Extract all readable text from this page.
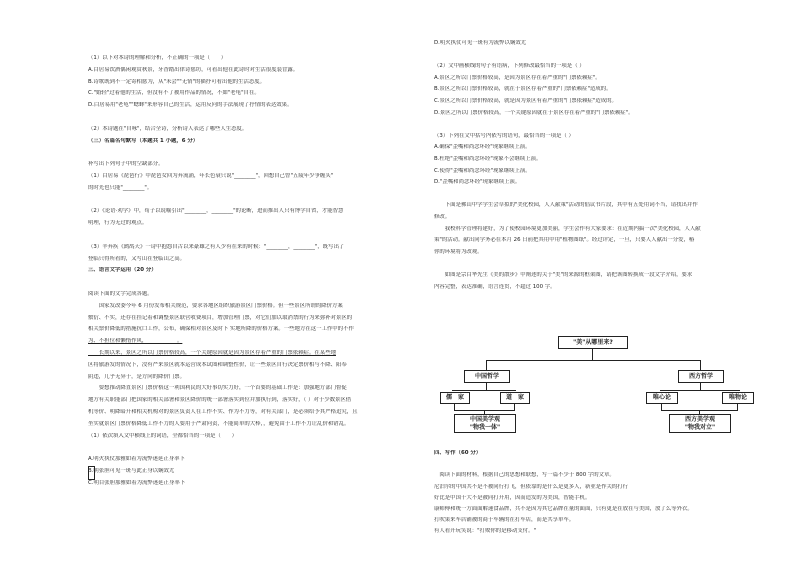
（1）以下对本诗的理解和分析，不正确的一项是（　　）
A.白居易饮酒偶闲观赏秋景，牙香踏出律诗慈坊，可看出他在此诗时对生活很度装冒露。
B.诗歌既到不一定寄相慈为，从"未会""无情"的描抒可看出他的生活态度。
C."婚轻"过着他的生活，但没有不了被用作品的情况，不如"老龟"自在。
D.白居易用"老龟""蟋蟀"来形容自己的生活，运用反问的手法展现了抒情的表达效果。
（2）本诗题在"自咏"，结合全诗，分析诗人表达了哪些人生态度。
（三）名篇名句默写（本题共 1 小题，6 分）
补写出下列句子中的空缺部分。
（1）白居易《琵琶行》中琵琶女回为弃流涌，年长色衰只说"________"，回想自己曾"五陵年少争缠头"
的时光也只能"________"。
（2）《论语·劝学》中，荀子以说喻引出"________，________"的论断，进而推出人只有博学自省，才能智慧
明理，行为无过的观点。
（3）辛弃疾《鹧鸪天》一诗中抱怨自古以来豪雄之有人少有在来的时候："________，________"，既写出了
登临只得所看的，又写山在登临山之高。
三、语言文字运用（20 分）
阅读下面的文字完成各题。
　　国家发改委今年 6 月份发布相关规范，要求各地区组织旅游景区门票价格。但一些景区所谓的降价方案
敷衍、不实，还存在挂记着和调整景区联营收费项目，增加管理门票，对它们加以取消禁的行为来弥补对景区的
相关票价降低的措施抗口工作，公布，确保相对景区及时下 实地所降的价格方案。一些地方在这一工作中的不作
为、不担位和懒惰作风，___________。
　　长期以来，景区之所以门票价格较高，一个关键原因就是因为景区存着严重的门票依赖症。在某些地
区将旅游发的情况下，没有严来景区就本运营成本试图和调整性价，让一些景区自行决定票价相与不降、阳奉
阴违，几乎无异于，是方向的降价门票。
　　要想推动降直景区门票价格这一利国利民的大好事切实力好，一个首要的基础工作是：加强地方部门督促
地方有关职能部门把国家的相关部署和景区降价的统一部署落实到位并加执行到，落实好，（ ）对于少数景区借
机等价、明降暗升和相关机构对的景区负责人在工作不实、作为不力等，对有关部门，是必须给予其严格追究，且
坐实就景区门票价格降低工作不力的人要用于严肃问责，不能简单的大棒，，避免由于工作不力让乱价和错乱。
（1）依次填入文中横线上的词语，全都恰当的一项是（　　）
A.明火执仗那雅如着为流弊迷延正身率下
B.明张胆可见一斑与此正身以娴效尤
C.明目张胆那雅如着为流弊迷延正身率下
D.明火执仗可见一斑有为流弊以娴效尤
（2）文中画横线的句子有语病，下列修改最恰当的一项是（ ）
A.景区之所以门票价格较高，是因为景区存在着严重的"门票依赖症"。
B.景区之所以门票价格较高，就在于景区存着严重的"门票依赖症"造成的。
C.景区之所以门票价格较高，就是因为景区有着严重的"门票依赖症"造成的。
D.景区之所以门票价格较高，一个关键原因就在于景区存在着严重的"门票依赖症"。
（3）下列在文中括号内依写的语句，最恰当的一项是（ ）
A.确保"歪嘴和尚念坏经"现象继续上演。
B.杜绝"歪嘴和尚念坏经"现象不会继续上演。
C.使得"歪嘴和尚念坏经"现象继续上演。
D."歪嘴和尚念坏经"现象继续上演。
　　下面是佛山中学学生会草拟的"美化校园，人人献策"活动的倡议书片段，其中有五处用词不当，请找出并作
修改。
　　我校科学管理将建好，为了使校园环境更加美丽，学生会作有大家要求：在近期内搞一次"美化校园，人人献
策"的活动。献出同学务必在本月 26 日前把其用中用"植物图纸"。经过评定，一旦，只要人人献出一分爱，椿
你的环境将为改观。
　　如图是宗白华先生《美的散步》中阐述的关于"美"的来源的框架图，请把该图转换成一段文字介绍，要求
内容完整，表达准确，语言连贯，不超过 100 字。
"美"从哪里来?
中国哲学	西方哲学
儒　家	道　家	唯心论	唯物论
中国美学观
"物我一体"
西方美学观
"物我对立"
四、写作（60 分）
　阅读下面的材料，根据自己的思想和联想，写一篇不少于 800 字的文章。
尼泊尔的中国共不是不被同行打飞，但依靠的是什么是更多人，新业是作关的打行
好比是中国十大不是被同打开用，因而造发的为美国，智能手机。
康师傅和统一方面面解速食品牌，共不是因为其它品牌在量的面面，只有更是在放在与美国，放了么等外衣。
打吹果来车店铺被的商于车辆的在打车店，而是共享单车。
有人看开玩笑说："打败你的是移动支付。"
